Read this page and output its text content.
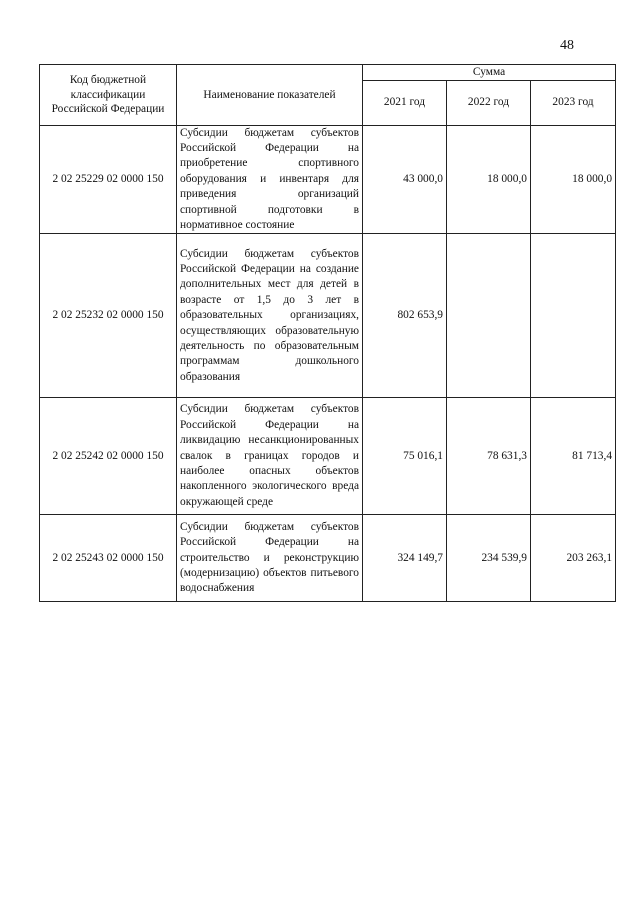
48
Код бюджетной классификации Российской Федерации	Наименование показателей	Сумма		
		2021 год	2022 год	2023 год
2 02 25229 02 0000 150	Субсидии бюджетам субъектов Российской Федерации на приобретение спортивного оборудования и инвентаря для приведения организаций спортивной подготовки в нормативное состояние	43 000,0	18 000,0	18 000,0
2 02 25232 02 0000 150	Субсидии бюджетам субъектов Российской Федерации на создание дополнительных мест для детей в возрасте от 1,5 до 3 лет в образовательных организациях, осуществляющих образовательную деятельность по образовательным программам дошкольного образования	802 653,9		
2 02 25242 02 0000 150	Субсидии бюджетам субъектов Российской Федерации на ликвидацию несанкционированных свалок в границах городов и наиболее опасных объектов накопленного экологического вреда окружающей среде	75 016,1	78 631,3	81 713,4
2 02 25243 02 0000 150	Субсидии бюджетам субъектов Российской Федерации на строительство и реконструкцию (модернизацию) объектов питьевого водоснабжения	324 149,7	234 539,9	203 263,1
